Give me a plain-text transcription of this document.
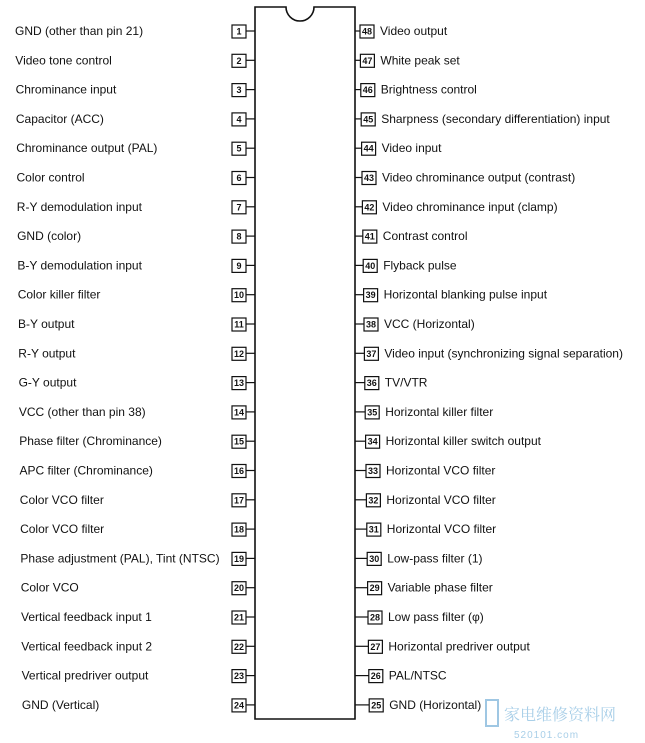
1
GND (other than pin 21)
2
Video tone control
3
Chrominance input
4
Capacitor (ACC)
5
Chrominance output (PAL)
6
Color control
7
R-Y demodulation input
8
GND (color)
9
B-Y demodulation input
10
Color killer filter
11
B-Y output
12
R-Y output
13
G-Y output
14
VCC (other than pin 38)
15
Phase filter (Chrominance)
16
APC filter (Chrominance)
17
Color VCO filter
18
Color VCO filter
19
Phase adjustment (PAL), Tint (NTSC)
20
Color VCO
21
Vertical feedback input 1
22
Vertical feedback input 2
23
Vertical predriver output
24
GND (Vertical)
48 Video output
47 White peak set
46 Brightness control
45 Sharpness (secondary differentiation) input
44 Video input
43 Video chrominance output (contrast)
42 Video chrominance input (clamp)
41 Contrast control
40 Flyback pulse
39 Horizontal blanking pulse input
38 VCC (Horizontal)
37 Video input (synchronizing signal separation)
36 TV/VTR
35 Horizontal killer filter
34 Horizontal killer switch output
33 Horizontal VCO filter
32 Horizontal VCO filter
31 Horizontal VCO filter
30 Low-pass filter (1)
29 Variable phase filter
28 Low pass filter (φ)
27 Horizontal predriver output
26 PAL/NTSC
25 GND (Horizontal)
家电维修资料网
520101.com
